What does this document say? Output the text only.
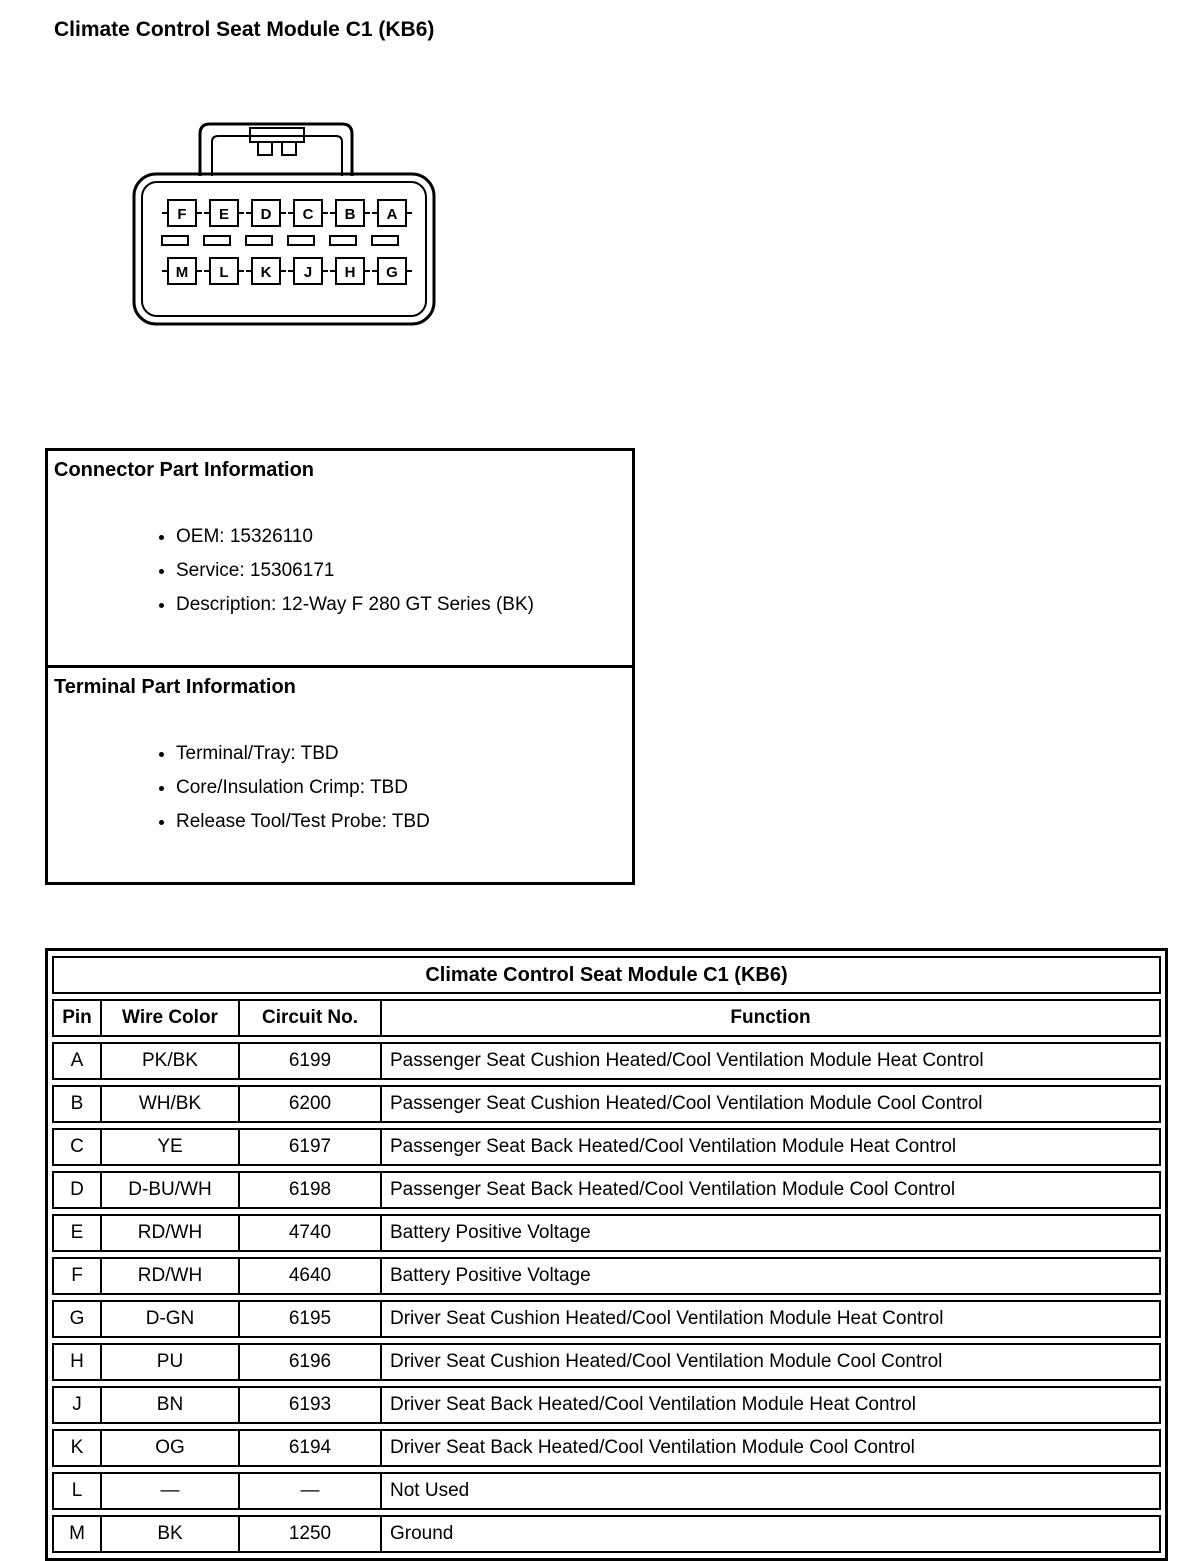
Climate Control Seat Module C1 (KB6)
F E D C B A
M L K J H G
Connector Part Information
• OEM: 15326110
• Service: 15306171
• Description: 12-Way F 280 GT Series (BK)
Terminal Part Information
• Terminal/Tray: TBD
• Core/Insulation Crimp: TBD
• Release Tool/Test Probe: TBD
Climate Control Seat Module C1 (KB6)			
Pin	Wire Color	Circuit No.	Function
A	PK/BK	6199	Passenger Seat Cushion Heated/Cool Ventilation Module Heat Control
B	WH/BK	6200	Passenger Seat Cushion Heated/Cool Ventilation Module Cool Control
C	YE	6197	Passenger Seat Back Heated/Cool Ventilation Module Heat Control
D	D-BU/WH	6198	Passenger Seat Back Heated/Cool Ventilation Module Cool Control
E	RD/WH	4740	Battery Positive Voltage
F	RD/WH	4640	Battery Positive Voltage
G	D-GN	6195	Driver Seat Cushion Heated/Cool Ventilation Module Heat Control
H	PU	6196	Driver Seat Cushion Heated/Cool Ventilation Module Cool Control
J	BN	6193	Driver Seat Back Heated/Cool Ventilation Module Heat Control
K	OG	6194	Driver Seat Back Heated/Cool Ventilation Module Cool Control
L	—	—	Not Used
M	BK	1250	Ground
